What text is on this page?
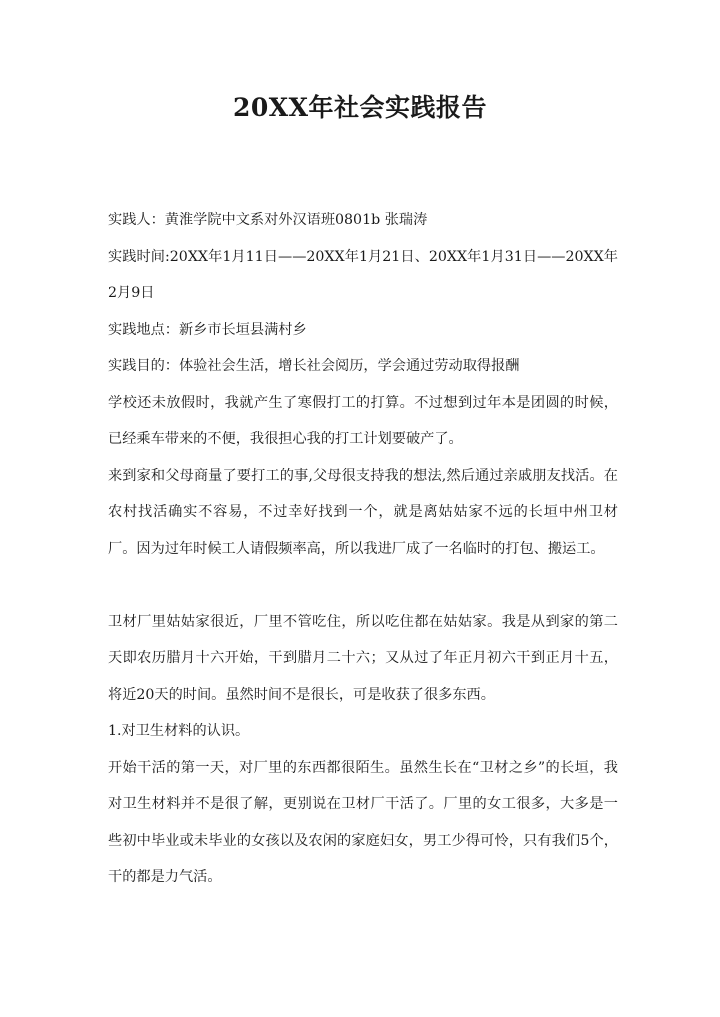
20XX年社会实践报告

实践人：黄淮学院中文系对外汉语班0801b 张瑞涛

实践时间:20XX年1月11日——20XX年1月21日、20XX年1月31日——20XX年2月9日

实践地点：新乡市长垣县满村乡

实践目的：体验社会生活，增长社会阅历，学会通过劳动取得报酬

学校还未放假时，我就产生了寒假打工的打算。不过想到过年本是团圆的时候，已经乘车带来的不便，我很担心我的打工计划要破产了。

来到家和父母商量了要打工的事,父母很支持我的想法,然后通过亲戚朋友找活。在农村找活确实不容易，不过幸好找到一个，就是离姑姑家不远的长垣中州卫材厂。因为过年时候工人请假频率高，所以我进厂成了一名临时的打包、搬运工。

卫材厂里姑姑家很近，厂里不管吃住，所以吃住都在姑姑家。我是从到家的第二天即农历腊月十六开始，干到腊月二十六；又从过了年正月初六干到正月十五，将近20天的时间。虽然时间不是很长，可是收获了很多东西。

1.对卫生材料的认识。

开始干活的第一天，对厂里的东西都很陌生。虽然生长在“卫材之乡”的长垣，我对卫生材料并不是很了解，更别说在卫材厂干活了。厂里的女工很多，大多是一些初中毕业或未毕业的女孩以及农闲的家庭妇女，男工少得可怜，只有我们5个，干的都是力气活。
